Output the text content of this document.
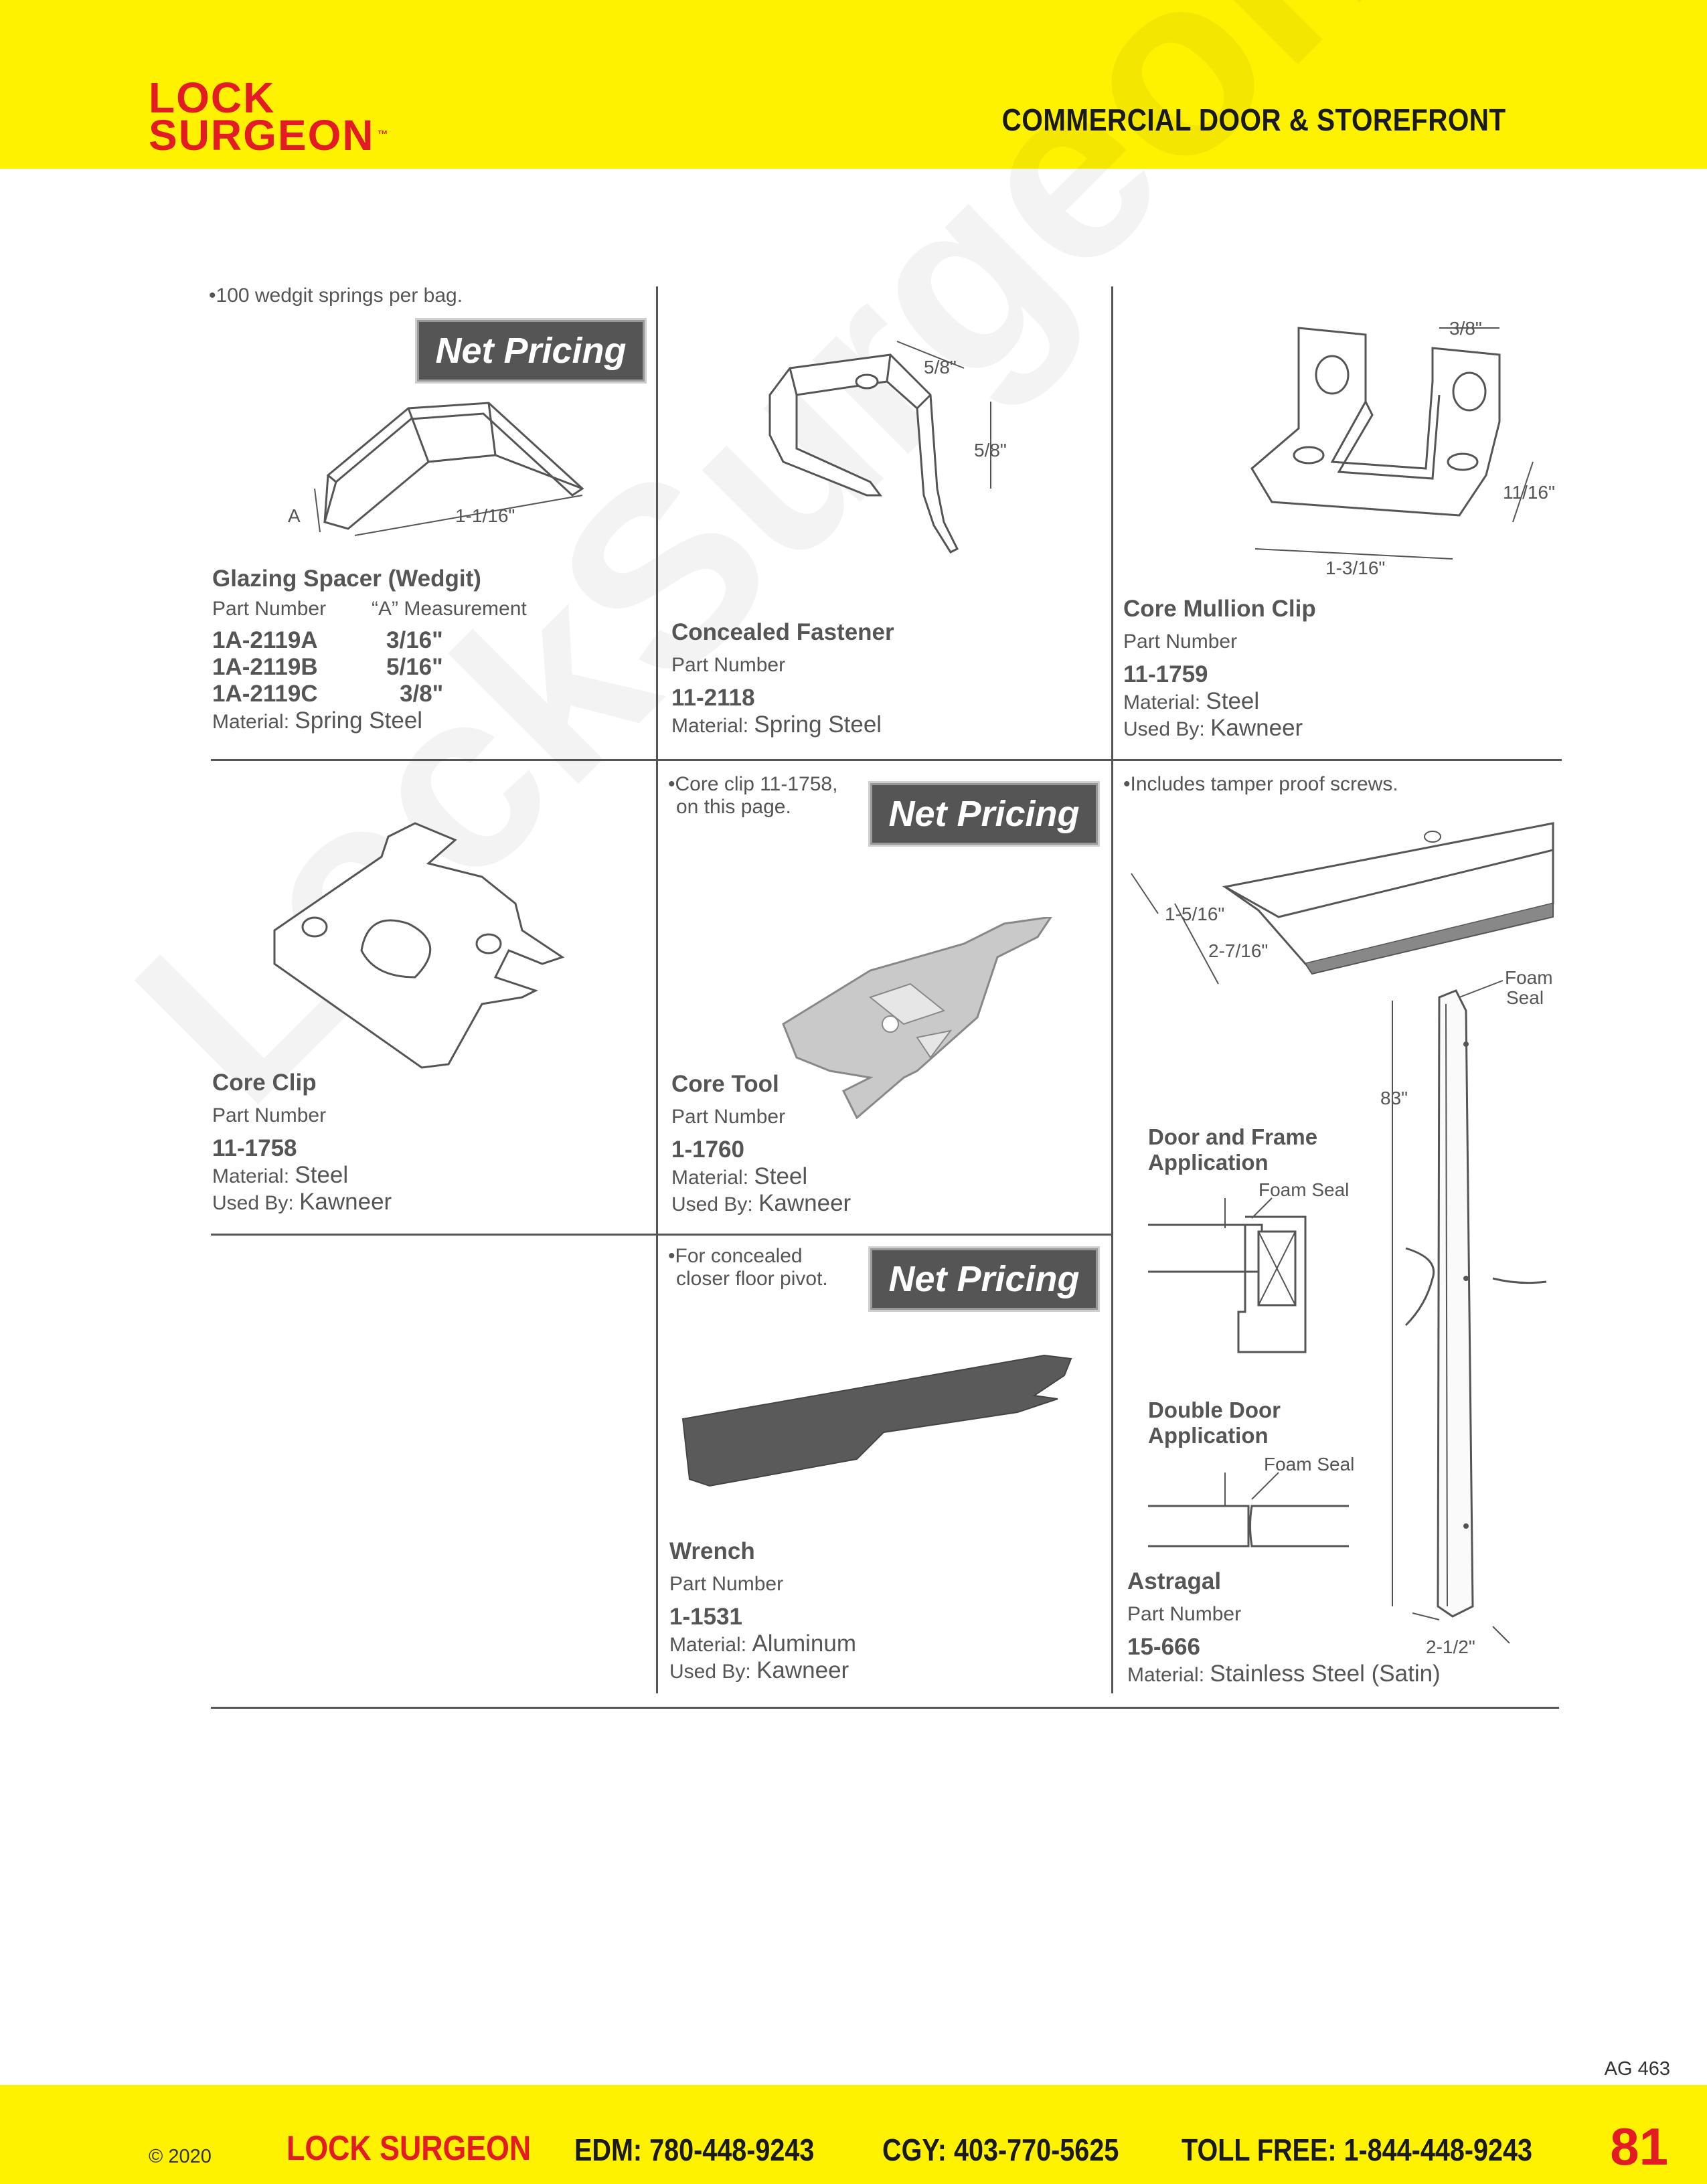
LOCK
SURGEON ™	COMMERCIAL DOOR & STOREFRONT
•100 wedgit springs per bag.
Net Pricing
A	1-1/16"
Glazing Spacer (Wedgit)
Part Number	“A” Measurement
1A-2119A	3/16"
1A-2119B	5/16"
1A-2119C	3/8"
Material: Spring Steel
5/8"
5/8"
Concealed Fastener
Part Number
11-2118
Material: Spring Steel
3/8"
11/16"
1-3/16"
Core Mullion Clip
Part Number
11-1759
Material: Steel
Used By: Kawneer
Core Clip
Part Number
11-1758
Material: Steel
Used By: Kawneer
•Core clip 11-1758,
on this page.	Net Pricing
Core Tool
Part Number
1-1760
Material: Steel
Used By: Kawneer
•For concealed
closer floor pivot.	Net Pricing
Wrench
Part Number
1-1531
Material: Aluminum
Used By: Kawneer
•Includes tamper proof screws.
1-5/16"
2-7/16"
Foam
Seal
83"
2-1/2"
Door and Frame
Application
Foam Seal
Double Door
Application
Foam Seal
Astragal
Part Number
15-666
Material: Stainless Steel (Satin)
AG 463
© 2020 LOCK SURGEON EDM: 780-448-9243 CGY: 403-770-5625 TOLL FREE: 1-844-448-9243 81
